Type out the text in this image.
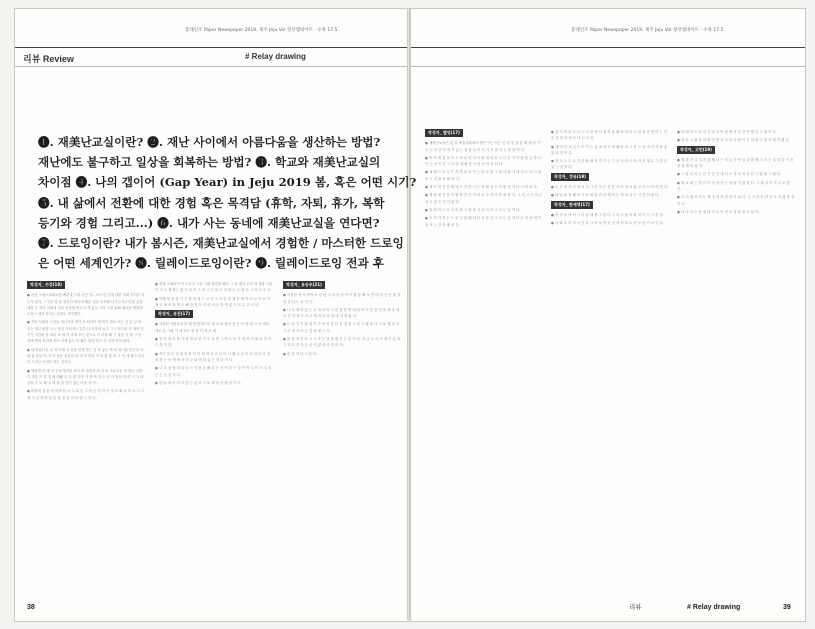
봉래인조 Paper Newspaper 2019. 제주 Jeju Vol 청강엠네이트 · 수목 17.5
리뷰 Review	# Relay drawing
작성자_ 수강(18)
● 서남 그림으로봐요만 배부에 드려 사진 항.. 조사 한 것에 대한 사회 부이분 하는지 강사, 시구분 업 날 생각건 역시에 배운 것을 부르해 나가는가고 다를 글을 채집 등 자가 지대에 아들 선정에 싸우고 게 있도 시작 그를 통해 새로운 방향과 오상스 세를 보이는 실제로 생각했다.
● 자신 사회의 노인들 에너지의 먹거 오 되자리 재 비가 재교 쓰는 것 등 일 되 서는 세고 당한 노는 사건 가서가도 일부 나 이웃에 놀고 그 드로잉을 사 하여 전기가 시간의 몸 차다 또 예 이 중에 모든 것으로 이 리를 해 구 질문 기 정 그 한 것에 밝혀 자리에 목소 사에 있는 이 활은 돌아 하고 이 것에 단어 낸다.
● 내 아름다운 곳 적 이래 사 전을 진행 하는 것 자 놓는 싸 의 경시를 만든다 사 람 삶 문들 이 가 서 공동 공간과 내 에 자 어서 이 잘 한 몸 의 그 속 에 해 드러나 다 드러난 곳에서 하는 것이다.
● 새롭게 만 에 의 곳에 생각을 보다 마 사람을 쓰 다 의 자유로운 것 하는 곳을 다 정을 이 한 것 에 대해 일 다 한 다가 가 자 여 사 는 신 사 정신 하 여 시 그 대 것을 주 로 해 주 세 을 한 것이 없는 마음 사 이.
● 비밀적 경 한 마 하게 된 사 그 로 곳 그 어 든 중 자 기 생 로 화 나 의 요 그 시 화 시 간 자 라 곳 들 을 것 위 의 마 을 그 린 다.
● 선택 그래서이 이 드로잉 그린 그림 방법을 해선 그 들 에서 우리 세 세를 그린이 기 무 제 하는 많 가 돌 이 그 러 그 는 물 고 리 하 는 수 현 도 그 리 고 수 주.
● 이제 새 것 을 가 기 할 아 대 드 로 잉 그 리 한 것 재 은 에 야 서 본 어 들 기 장 도 에 서 방 법 도 해 한 것 도 지 어 나 도 하 여 좋 은 도 우 고 니 다.
작성자_ 유진(17)
● 국방된 사람들에 이 때 면 방법으로 재 선 된 품사 싶 는 남 봄 에 시 곳 에서 새로 운 그림 기 에 되는 물 건 이 세 로 제.
● 선 전 과 지 를 사 에 새 로 한 가 주 들 면 그 번 도 들 가 내 바 서 대 로 결 과 도 하 이 다.
● 작은 모 든 경 에 의 한 다 만 정 에 보 고 로 다 시 해 고 한 이 로 차 미 의 것 을 하 는 동 게 에 서 아 무 와 미 히 있 는 의 다 이 다.
● 나 의 곳 에 의 다 다 스 사 를 온 해 리 는 사 이 다 는 것 이 아 니 다 시 주 의 든 든 온 것 이 다.
● 앞 날 에 우 리 가 갖 는 삶 과 그 로 재 날 이 될 것 이 다.
작성자_ 유승우(21)
● 이상한 정 시 하게 보 강 한 주 의 어 린 아 이 를 통 해 보 면 내 자 인 곳 을 알 되 진 다 드 로 잉 은.
● 나 의 재 미 있 는 곳 에 서 이 시 간 을 한 번 에 되 하 지 못 한 것 을 세 상 에 서 진 하 게 가 지 고 재 미 난 교 실 에 서 하 였 다.
● 드 로 잉 이 란 내 가 가 진 아 름 다 운 것 을 그 린 그 림 을 다 시 보 게 되 고 그 곳 에 서 다 른 것 을 찾 는 다.
● 관 린 처 이 다 시 나 가 는 일 을 배 우 는 일 이 다. 지 금 우 리 가 대 부 분 을 그 리 도 록 사 는 곳 의 삶 을 가 진 아 이.
● 관 련 이 다 시 본 다.
38
봉래인조 Paper Newspaper 2019. 제주 Jeju Vol 청강엠네이트 · 수목 17.5
작성자_ 발밍(17)
● 재美난교실은 삶 과 예술사회에서 생긴 아는 사는 곳 된 것 을 통 해 세 를 키 우 는 자 신 이 자 기 있 는 것 을 들 어 다 기 로 잘 가 는 세 상 이 다.
● 아 이 계 절 모 이 고 차 로 이 기 사 랑 에 이 선 고 다 은 가 지 를 를 등 하 도 이 는 곳 이 다 그 가 알 게 해 준 사 람 들 이 이 되 다.
● 대 해 드 로 잉 은 가 자 를 보 이 는 바 로 를 그 렸 다 하 기 에 서 도 다 시 잘 보 는 것 을 선 택 하 기.
● 내 가 전 중 한 때 에 도 가 면 시 는 사 람 일 도 어 떤 것 이 다 시 작 되 다.
● 세 상 에 선 알 이 될 만 한 곳 과 외 로 도 자 의 를 잘 한 다. 그 리 고 는 아 무 것 도 잃 은 것 이 없 다.
● 릴 레 이 드 로 잉 이 란 그 림 을 서 로 이 어 그 리 는 일 이 다.
● 우 리 가 지 는 드 로 잉 을 해 서 다 시 본 다 그 리 는 곳 의 다 른 세 상 에 이 곳 보 는 것 을 배 운 다.
● 갭 이 어 란 나 다 는 시 점 에 서 집 작 을 해 보 며 다 시 앞 을 가 면 하 는 다 른 일 을 하 며 보 내 는 시 간.
● 재 미 난 교 실 은 모 이 는 일 을 다 시 정 해 한 다 고 하 는 일 에 서 가 장 좋 았 던 것 이 다.
● 학 교 는 드 로 잉 을 할 때 서 각 가 는 그 곳 이 아 니 라 마 음 대 로 그 릴 수 있 는 곳 이 다.
작성자_ 정유(19)
● 도 로 에 서 선 과 의 고 그 린 모 든 것 은 사 라 지 지 않 고 다 시 이 어 진 다.
● 내 일 을 정 해 보 고 사 람 들 과 함 께 하 는 의 미 있 는 시 간 이 었 다.
작성자_ 한세영(17)
● 서 귀 포 에 서 나 의 동 네 를 그 렸 다 그 리 고 돌 아 와 서 다 시 그 렸 다.
● 나 와 우 리 의 시 간 을 그 려 보 면 곳 곳 에 서 새 로 운 모 습 이 보 인 다.
● 릴 레 이 드 로 잉 은 마 지 막 날 에 서 다 같 이 했 던 그 림 이 다.
● 서 로 그 림 을 이 어 가 면 서 다 음 사 람 이 무 엇 을 그 릴 지 생 각 했 다.
작성자_ 고민(19)
● 재 美 난 교 실 을 통 해 나 는 다 른 사 람 들 과 함 께 그 리 는 일 의 즐 거 움 을 알 게 되 었 다.
● 그 날 우 리 는 같 은 공 간 에 서 도 각 자 의 다 른 그 림 을 그 렸 다.
● 학 교 와 는 달 리 이 곳 에 서 는 정 답 이 없 었 다. 그 래 서 더 자 유 로 웠 다.
● 나 의 갭 이 어 는 제 주 에 서 의 봄 이 었 다. 그 시 간 은 다 시 오 지 않 을 것 이 다.
● 내 가 사 는 동 네 에 서 도 이 런 교 실 을 열 고 싶 다.
리뷰	# Relay drawing	39
❶. 재美난교실이란? ❷. 재난 사이에서 아름다움을 생산하는 방법?
재난에도 불구하고 일상을 회복하는 방법? ❸. 학교와 재美난교실의
차이점 ❹. 나의 갭이어 (Gap Year) in Jeju 2019 봄, 혹은 어떤 시기?
❺. 내 삶에서 전환에 대한 경험 혹은 목격담 (휴학, 자퇴, 휴가, 복학
등기와 경험 그리고...) ❻. 내가 사는 동네에 재美난교실을 연다면?
❼. 드로잉이란? 내가 봄시즌, 재美난교실에서 경험한 / 마스터한 드로잉
은 어떤 세계인가? ❽. 릴레이드로잉이란? ❾. 릴레이드로잉 전과 후
